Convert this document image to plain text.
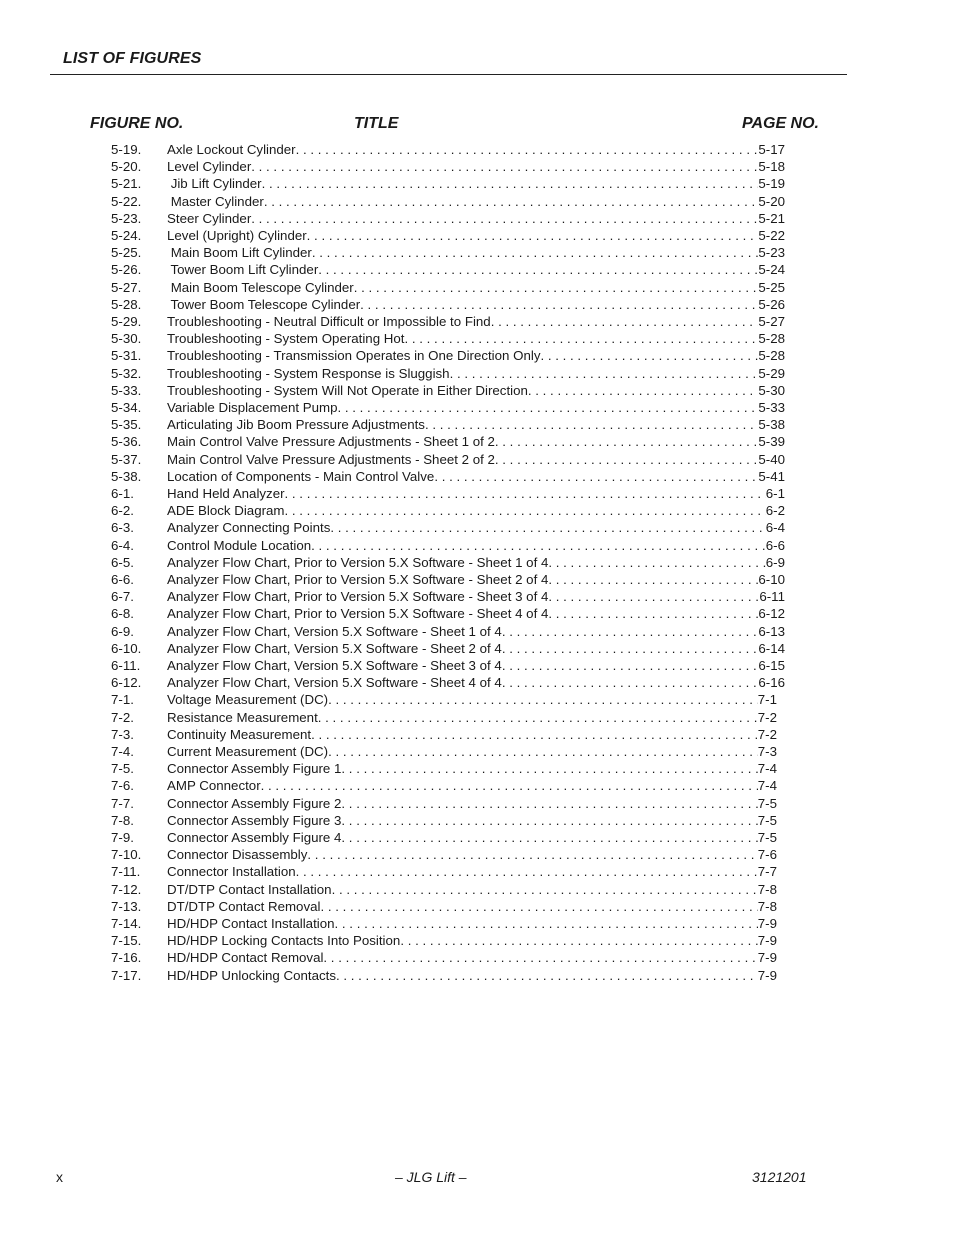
LIST OF FIGURES
FIGURE NO.	TITLE	PAGE NO.
5-19. Axle Lockout Cylinder . . .	5-17
5-20. Level Cylinder . . .	5-18
5-21. Jib Lift Cylinder . . .	5-19
5-22. Master Cylinder . . .	5-20
5-23. Steer Cylinder . . .	5-21
5-24. Level (Upright) Cylinder . . .	5-22
5-25. Main Boom Lift Cylinder . . .	5-23
5-26. Tower Boom Lift Cylinder . . .	5-24
5-27. Main Boom Telescope Cylinder . . .	5-25
5-28. Tower Boom Telescope Cylinder . . .	5-26
5-29. Troubleshooting - Neutral Difficult or Impossible to Find . . .	5-27
5-30. Troubleshooting - System Operating Hot . . .	5-28
5-31. Troubleshooting - Transmission Operates in One Direction Only . . .	5-28
5-32. Troubleshooting - System Response is Sluggish . . .	5-29
5-33. Troubleshooting - System Will Not Operate in Either Direction . . .	5-30
5-34. Variable Displacement Pump . . .	5-33
5-35. Articulating Jib Boom Pressure Adjustments . . .	5-38
5-36. Main Control Valve Pressure Adjustments - Sheet 1 of 2 . . .	5-39
5-37. Main Control Valve Pressure Adjustments - Sheet 2 of 2 . . .	5-40
5-38. Location of Components - Main Control Valve . . .	5-41
6-1. Hand Held Analyzer . . .	6-1
6-2. ADE Block Diagram . . .	6-2
6-3. Analyzer Connecting Points . . .	6-4
6-4. Control Module Location . . .	6-6
6-5. Analyzer Flow Chart, Prior to Version 5.X Software - Sheet 1 of 4 . . .	6-9
6-6. Analyzer Flow Chart, Prior to Version 5.X Software - Sheet 2 of 4 . . .	6-10
6-7. Analyzer Flow Chart, Prior to Version 5.X Software - Sheet 3 of 4 . . .	6-11
6-8. Analyzer Flow Chart, Prior to Version 5.X Software - Sheet 4 of 4 . . .	6-12
6-9. Analyzer Flow Chart, Version 5.X Software - Sheet 1 of 4 . . .	6-13
6-10. Analyzer Flow Chart, Version 5.X Software - Sheet 2 of 4 . . .	6-14
6-11. Analyzer Flow Chart, Version 5.X Software - Sheet 3 of 4 . . .	6-15
6-12. Analyzer Flow Chart, Version 5.X Software - Sheet 4 of 4 . . .	6-16
7-1. Voltage Measurement (DC) . . .	7-1
7-2. Resistance Measurement . . .	7-2
7-3. Continuity Measurement . . .	7-2
7-4. Current Measurement (DC) . . .	7-3
7-5. Connector Assembly Figure 1 . . .	7-4
7-6. AMP Connector . . .	7-4
7-7. Connector Assembly Figure 2 . . .	7-5
7-8. Connector Assembly Figure 3 . . .	7-5
7-9. Connector Assembly Figure 4 . . .	7-5
7-10. Connector Disassembly . . .	7-6
7-11. Connector Installation . . .	7-7
7-12. DT/DTP Contact Installation . . .	7-8
7-13. DT/DTP Contact Removal . . .	7-8
7-14. HD/HDP Contact Installation . . .	7-9
7-15. HD/HDP Locking Contacts Into Position . . .	7-9
7-16. HD/HDP Contact Removal . . .	7-9
7-17. HD/HDP Unlocking Contacts . . .	7-9
x	– JLG Lift –	3121201
